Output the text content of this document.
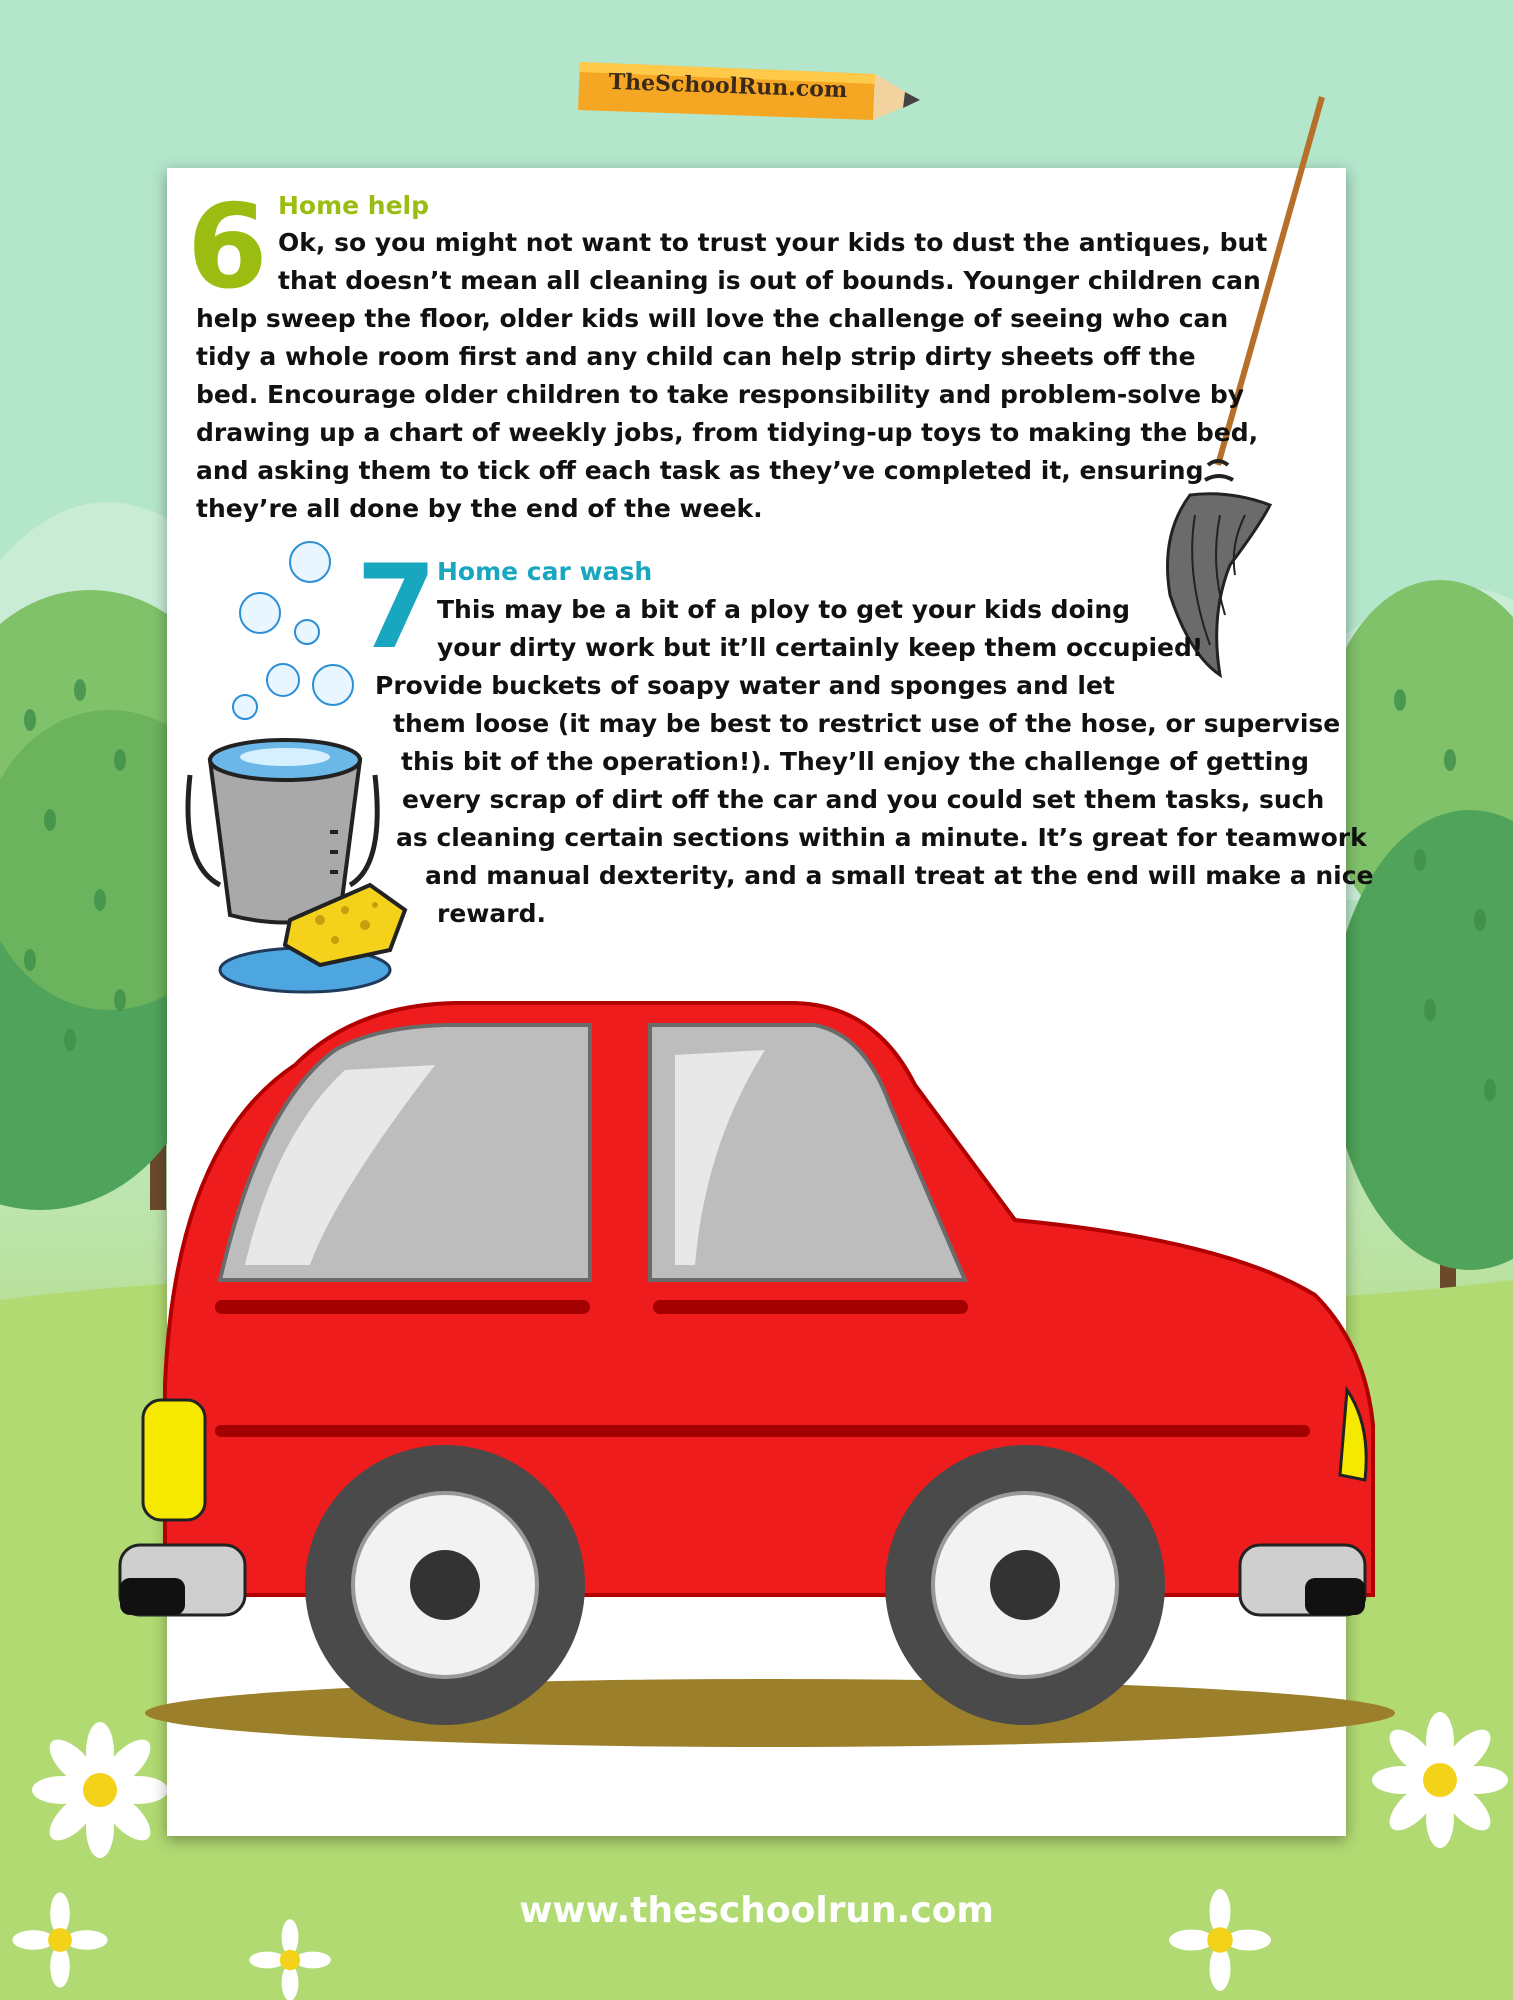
TheSchoolRun.com
6 Home help
Ok, so you might not want to trust your kids to dust the antiques, but
that doesn’t mean all cleaning is out of bounds. Younger children can
help sweep the floor, older kids will love the challenge of seeing who can
tidy a whole room first and any child can help strip dirty sheets off the
bed. Encourage older children to take responsibility and problem-solve by
drawing up a chart of weekly jobs, from tidying-up toys to making the bed,
and asking them to tick off each task as they’ve completed it, ensuring
they’re all done by the end of the week.
7 Home car wash
This may be a bit of a ploy to get your kids doing
your dirty work but it’ll certainly keep them occupied!
Provide buckets of soapy water and sponges and let
them loose (it may be best to restrict use of the hose, or supervise
this bit of the operation!). They’ll enjoy the challenge of getting
every scrap of dirt off the car and you could set them tasks, such
as cleaning certain sections within a minute. It’s great for teamwork
and manual dexterity, and a small treat at the end will make a nice
reward.
www.theschoolrun.com
